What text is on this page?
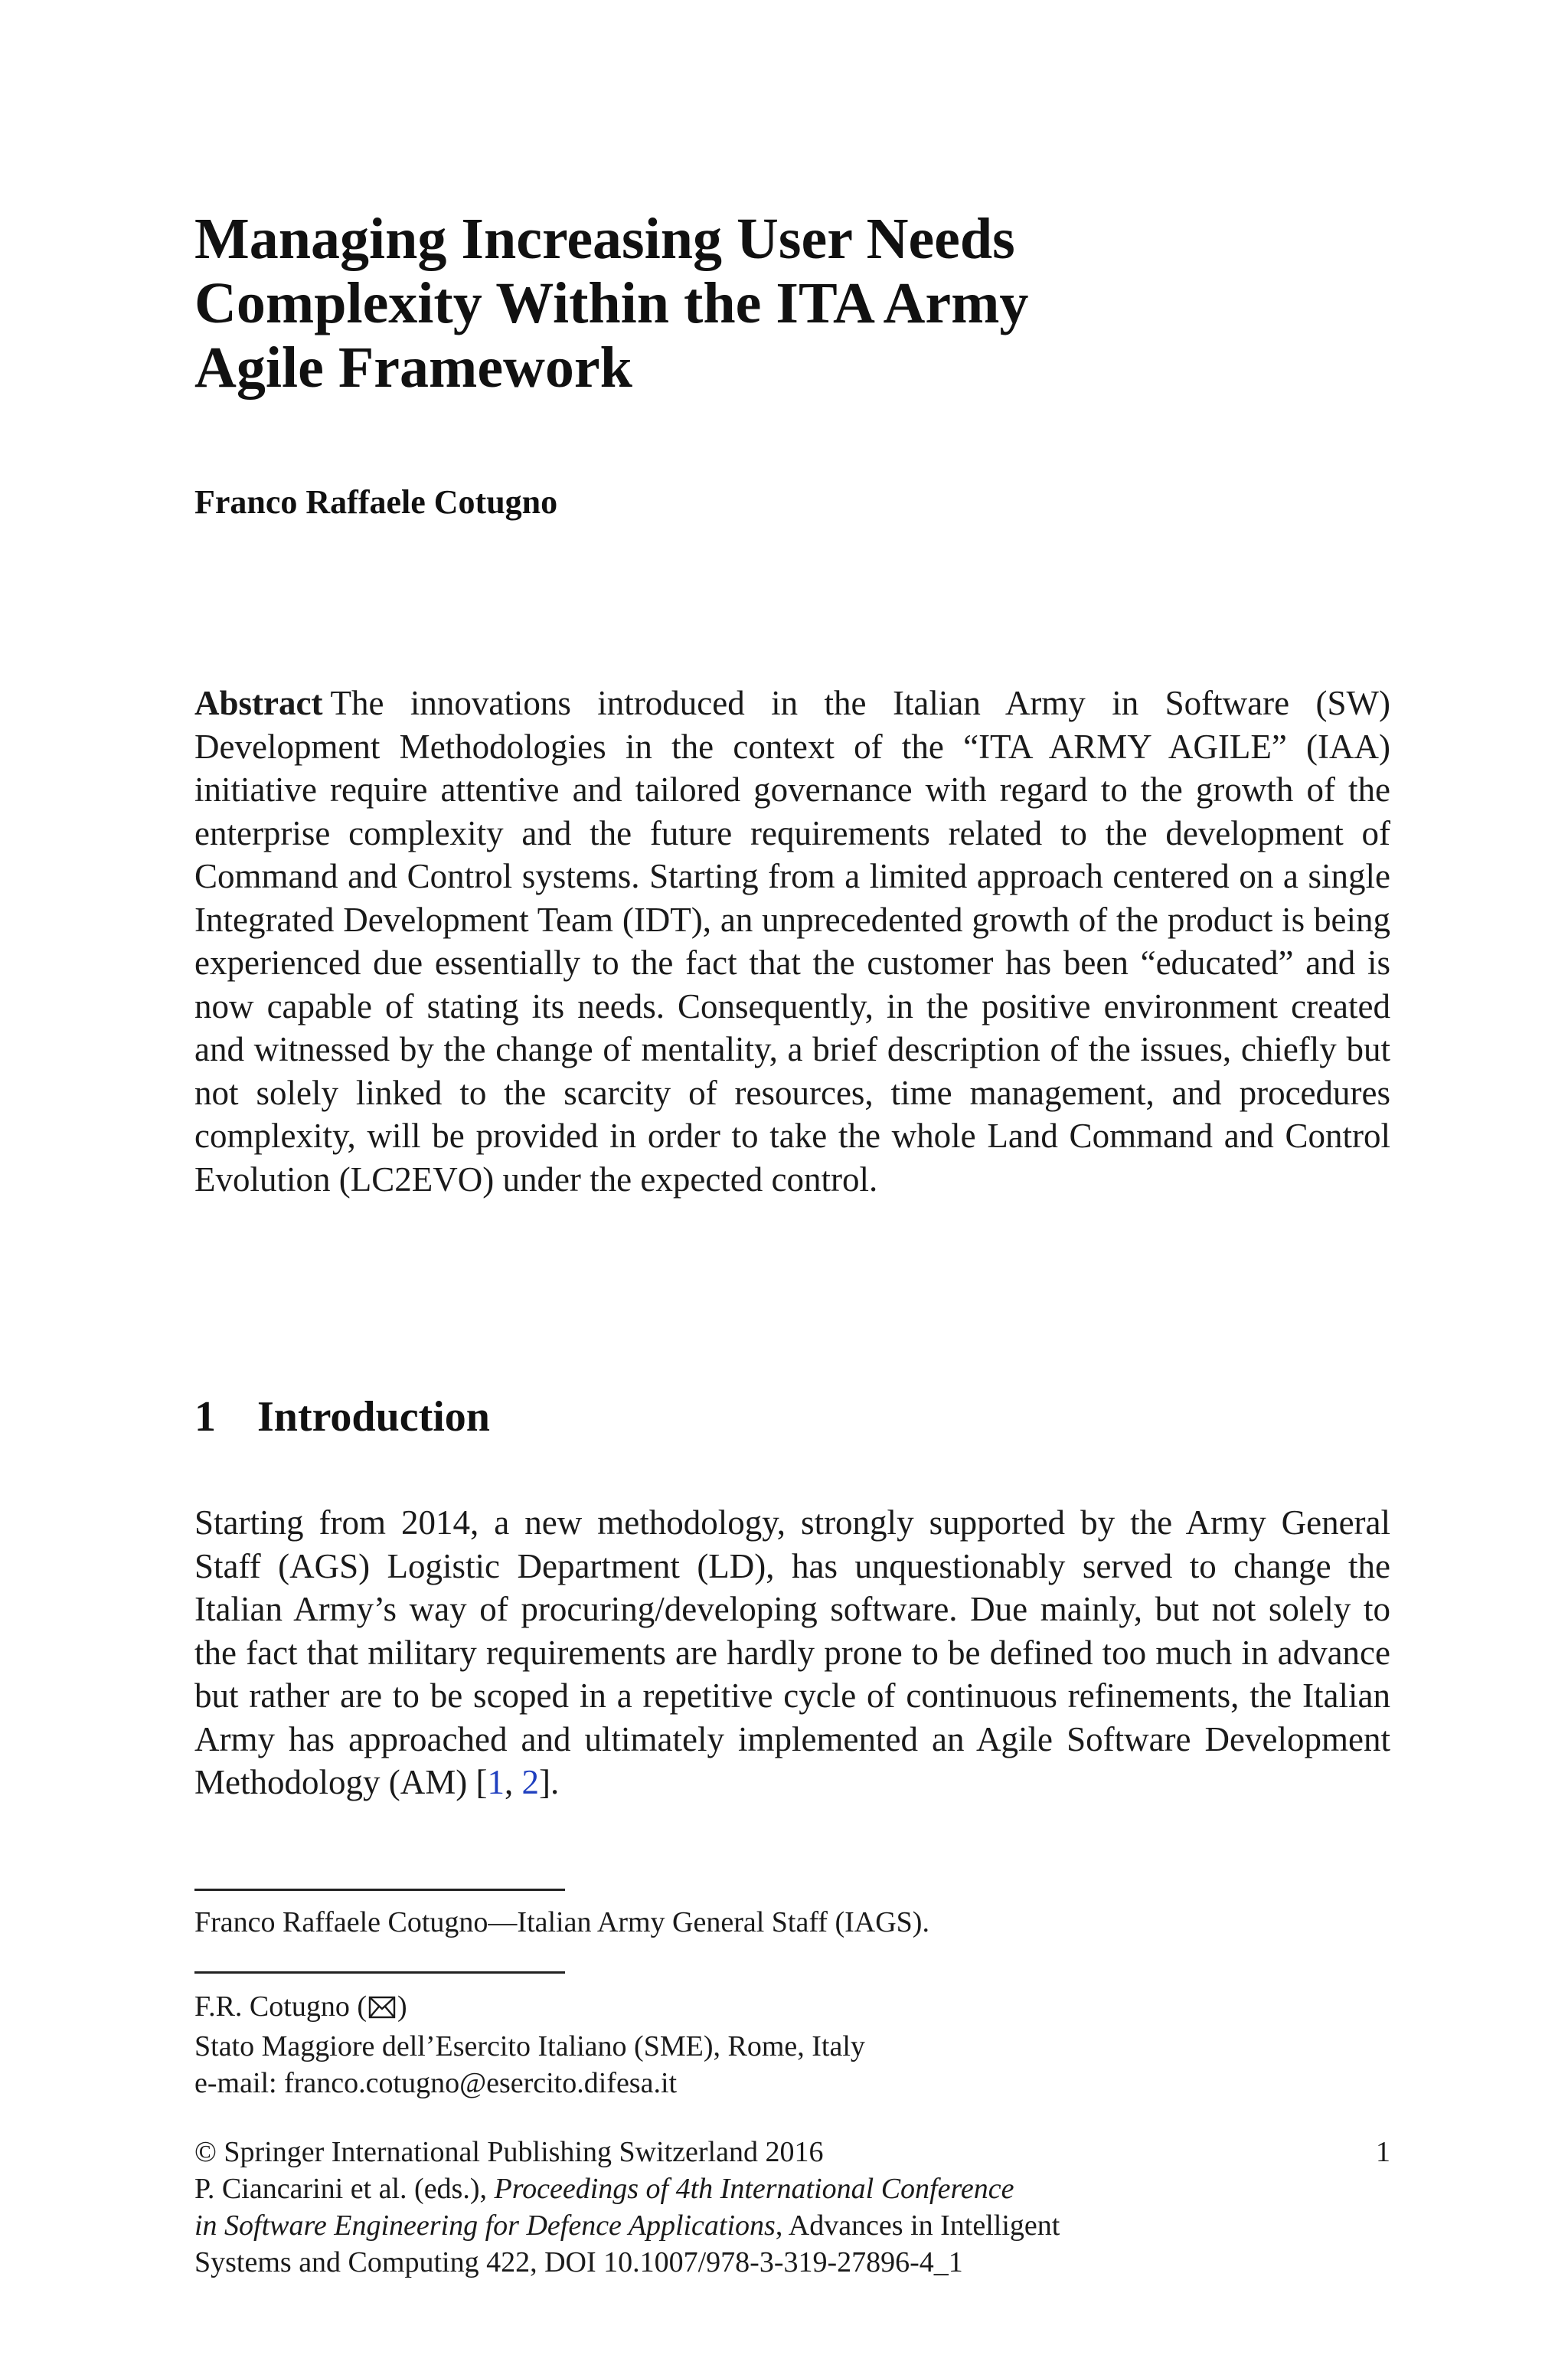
Managing Increasing User Needs
Complexity Within the ITA Army
Agile Framework
Franco Raffaele Cotugno
Abstract The innovations introduced in the Italian Army in Software (SW) Development Methodologies in the context of the “ITA ARMY AGILE” (IAA) initiative require attentive and tailored governance with regard to the growth of the enterprise complexity and the future requirements related to the development of Command and Control systems. Starting from a limited approach centered on a single Integrated Development Team (IDT), an unprecedented growth of the product is being experienced due essentially to the fact that the customer has been “educated” and is now capable of stating its needs. Consequently, in the positive environment created and witnessed by the change of mentality, a brief description of the issues, chiefly but not solely linked to the scarcity of resources, time management, and procedures complexity, will be provided in order to take the whole Land Command and Control Evolution (LC2EVO) under the expected control.
1 Introduction
Starting from 2014, a new methodology, strongly supported by the Army General Staff (AGS) Logistic Department (LD), has unquestionably served to change the Italian Army’s way of procuring/developing software. Due mainly, but not solely to the fact that military requirements are hardly prone to be defined too much in advance but rather are to be scoped in a repetitive cycle of continuous refinements, the Italian Army has approached and ultimately implemented an Agile Software Development Methodology (AM) [1, 2].
Franco Raffaele Cotugno—Italian Army General Staff (IAGS).
F.R. Cotugno ( )
Stato Maggiore dell’Esercito Italiano (SME), Rome, Italy
e-mail: franco.cotugno@esercito.difesa.it
© Springer International Publishing Switzerland 2016	1
P. Ciancarini et al. (eds.), Proceedings of 4th International Conference
in Software Engineering for Defence Applications, Advances in Intelligent
Systems and Computing 422, DOI 10.1007/978-3-319-27896-4_1
